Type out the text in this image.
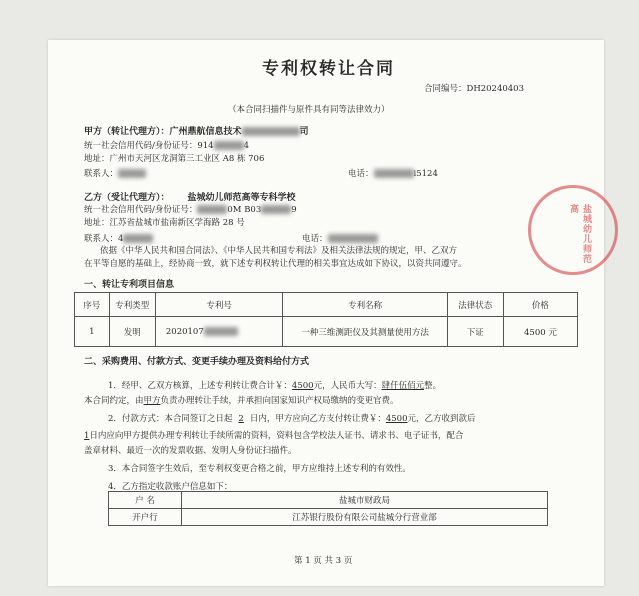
专利权转让合同
合同编号：DH20240403
（本合同扫描件与原件具有同等法律效力）
甲方（转让代理方）：广州鼎航信息技术	司
统一社会信用代码/身份证号：914	4
地址：广州市天河区龙洞第三工业区 A8 栋 706
联系人：	电话：	i5124
乙方（受让代理方）： 盐城幼儿师范高等专科学校
统一社会信用代码/身份证号：	0M B03	9
地址：江苏省盐城市盐南新区学海路 28 号
联系人：4	电话：
依据《中华人民共和国合同法》、《中华人民共和国专利法》及相关法律法规的规定，甲、乙双方
在平等自愿的基础上，经协商一致，就下述专利权转让代理的相关事宜达成如下协议，以资共同遵守。
一、转让专利项目信息
序号	专利类型	专利号	专利名称	法律状态	价格
1	发明	2020107	一种三维测距仪及其测量使用方法	下证	4500 元
二、采购费用、付款方式、变更手续办理及资料给付方式
1．经甲、乙双方核算，上述专利转让费合计￥：4500元，人民币大写：肆仟伍佰元整。
本合同约定，由甲方负责办理转让手续，并承担向国家知识产权局缴纳的变更官费。
2．付款方式：本合同签订之日起 2 日内，甲方应向乙方支付转让费￥：4500元，乙方收到款后
1日内应向甲方提供办理专利转让手续所需的资料，资料包含学校法人证书、请求书、电子证书，配合
盖章材料、最近一次的发票收据、发明人身份证扫描件。
3．本合同签字生效后，至专利权变更合格之前，甲方应维持上述专利的有效性。
4．乙方指定收款账户信息如下：
户 名	盐城市财政局
开户行	江苏银行股份有限公司盐城分行营业部
第 1 页 共 3 页
盐城幼儿师范高
